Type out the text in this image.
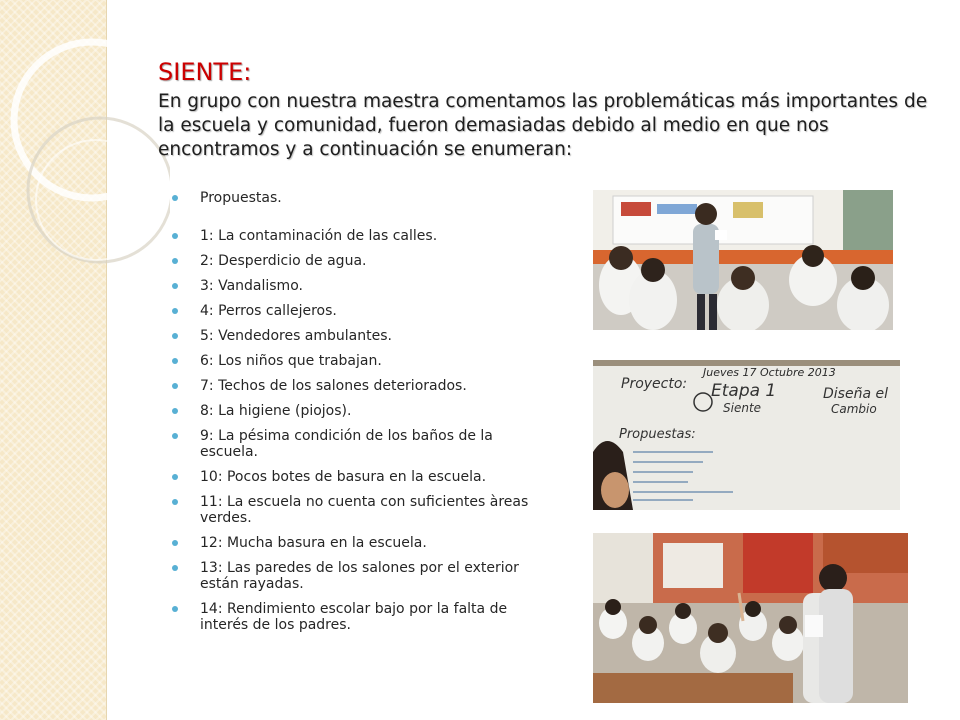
SIENTE:

En grupo con nuestra maestra comentamos las problemáticas más importantes de la escuela y comunidad, fueron demasiadas debido al medio en que nos encontramos y a continuación se enumeran:

Propuestas.
1: La contaminación de las calles.
2: Desperdicio de agua.
3: Vandalismo.
4: Perros callejeros.
5: Vendedores ambulantes.
6: Los niños que trabajan.
7: Techos de los salones deteriorados.
8: La higiene (piojos).
9: La pésima condición de los baños de la escuela.
10: Pocos botes de basura en la escuela.
11: La escuela no cuenta con suficientes àreas verdes.
12: Mucha basura en la escuela.
13: Las paredes de los salones por el exterior están rayadas.
14: Rendimiento escolar bajo por la falta de interés de los padres.
Jueves 17 Octubre 2013
Proyecto: Etapa 1
Siente
Diseña el
Cambio
Propuestas:
